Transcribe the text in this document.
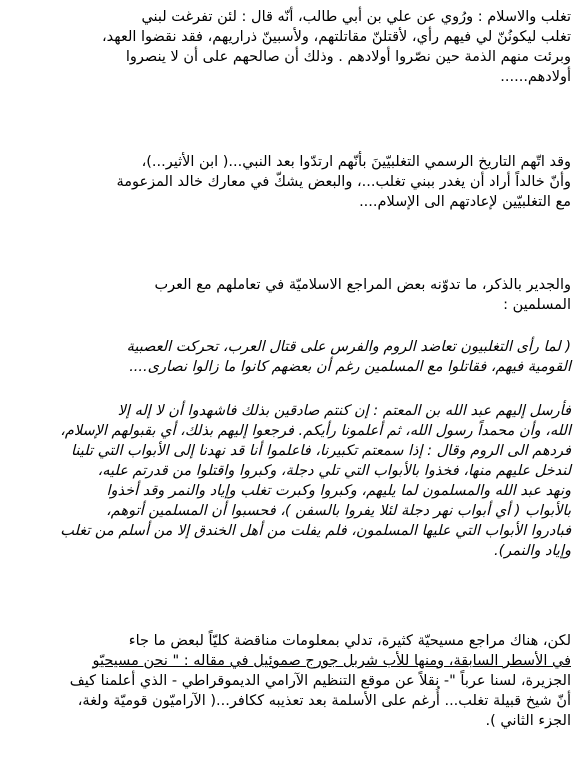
تغلب والاسلام : ورُوي عن علي بن أبي طالب، أنّه قال : لئن تفرغت لبني
تغلب ليكونُنّ لي فيهم رأي، لأقتلنّ مقاتلتهم، ولأسبينّ ذراريهم، فقد نقضوا العهد،
وبرئت منهم الذمة حين نصّروا أولادهم . وذلك أن صالحهم على أن لا ينصروا
أولادهم......
وقد اتّهم التاريخ الرسمي التغلبيّينَ بأنّهم ارتدّوا بعد النبي...( ابن الأثير...)،
وأنّ خالداً أراد أن يغدر ببني تغلب...، والبعض يشكّ في معارك خالد المزعومة
مع التغلبيّين لإعادتهم الى الإسلام....
والجدير بالذكر، ما تدوّنه بعض المراجع الاسلاميّة في تعاملهم مع العرب
المسلمين :
( لما رأى التغلبيون تعاضد الروم والفرس على قتال العرب، تحركت العصبية
القومية فيهم، فقاتلوا مع المسلمين رغم أن بعضهم كانوا ما زالوا نصارى....
فأرسل إليهم عبد الله بن المعتم : إن كنتم صادقين بذلك فاشهدوا أن لا إله إلا
الله، وأن محمداً رسول الله، ثم أعلمونا رأيكم. فرجعوا إليهم بذلك، أي بقبولهم الإسلام،
فردهم الى الروم وقال : إذا سمعتم تكبيرنا، فاعلموا أنا قد نهدنا إلى الأبواب التي تلينا
لندخل عليهم منها، فخذوا بالأبواب التي تلي دجلة، وكبروا واقتلوا من قدرتم عليه،
ونهد عبد الله والمسلمون لما يليهم، وكبروا وكبرت تغلب وإياد والنمر وقد أخذوا
بالأبواب ( أي أبواب نهر دجلة لئلا يفروا بالسفن )، فحسبوا أن المسلمين أتوهم،
فبادروا الأبواب التي عليها المسلمون، فلم يفلت من أهل الخندق إلا من أسلم من تغلب
وإياد والنمر).
لكن، هناك مراجع مسيحيّة كثيرة، تدلي بمعلومات مناقضة كليّاً لبعض ما جاء
في الأسطر السابقة، ومنها للأب شربل جورج صموئيل في مقاله : " نحن مسيحيّو
الجزيرة، لسنا عرباً "- نقلاً عن موقع التنظيم الآرامي الديموقراطي - الذي أعلمنا كيف
أنّ شيخ قبيلة تغلب... أُرغم على الأسلمة بعد تعذيبه ككافر...( الآراميّون قوميّة ولغة،
الجزء الثاني ).
